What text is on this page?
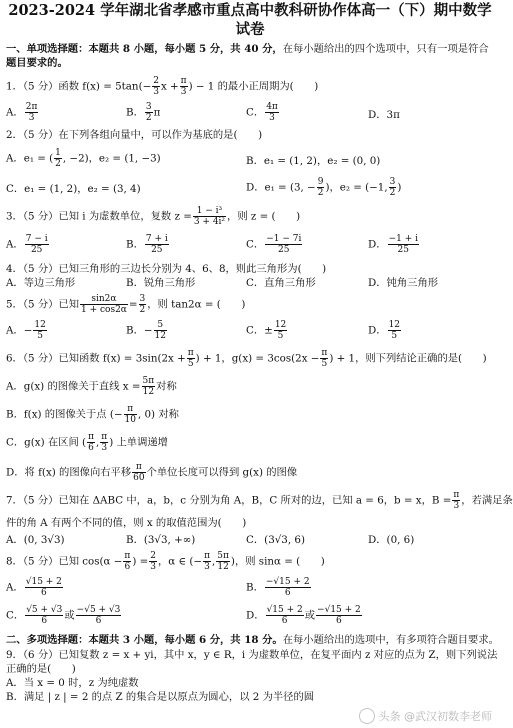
2023-2024 学年湖北省孝感市重点高中教科研协作体高一（下）期中数学
试卷
一、单项选择题：本题共 8 小题，每小题 5 分，共 40 分，在每小题给出的四个选项中，只有一项是符合
题目要求的。
1．（5 分）函数 $f(x) = 5\tan(- \frac{2}{3}$ $x + \frac{\pi}{3}$ ) − 1 的最小正周期为(　　)
A． $\frac{2\pi}{3}$	B． $\frac{3}{2}$ π	C． $\frac{4\pi}{3}$	D．3π
2．（5 分）在下列各组向量中，可以作为基底的是(　　)
A．e₁ = ( $\frac{1}{2}$ , −2)，e₂ = (1, −3)	B．e₁ = (1, 2)，e₂ = (0, 0)
C．e₁ = (1, 2)，e₂ = (3, 4)	D．e₁ = (3, − $\frac{9}{2}$ )，e₂ = (−1, $\frac{3}{2}$ )
3．（5 分）已知 i 为虚数单位，复数 $z = \frac{\text{1 − i³}}{\text{3 + 4i²}}$ ，则 z = (　　)
A． $\frac{7 - i}{25}$	B． $\frac{7 + i}{25}$	C． $\frac{-1 - 7i}{25}$	D． $\frac{-1 + i}{25}$
4．（5 分）已知三角形的三边长分别为 4、6、8，则此三角形为(　　)
A．等边三角形	B．锐角三角形	C．直角三角形	D．钝角三角形
5．（5 分）已知 $\frac{\sin 2\alpha}{1 + \cos 2\alpha} = \frac{3}{2}$ ，则 tan2α = (　　)
A．− $\frac{12}{5}$	B．− $\frac{5}{12}$	C．± $\frac{12}{5}$	D． $\frac{12}{5}$
6．（5 分）已知函数 $f(x) = 3\sin(2x + \frac{\pi}{5}$ ) + 1，$g(x) = 3\cos(2x - \frac{\pi}{5}$ ) + 1，则下列结论正确的是(　　)
A．g(x) 的图像关于直线 $x = \frac{5\pi}{12}$ 对称
B．f(x) 的图像关于点 (− $\frac{\pi}{10}$ , 0) 对称
C．g(x) 在区间 ( $\frac{\pi}{6}$ , $\frac{\pi}{3}$ ) 上单调递增
D．将 f(x) 的图像向右平移 $\frac{\pi}{60}$ 个单位长度可以得到 g(x) 的图像
7．（5 分）已知在 ΔABC 中，a，b，c 分别为角 A，B，C 所对的边，已知 a = 6，b = x，$B = \frac{\pi}{3}$ ，若满足条
件的角 A 有两个不同的值，则 x 的取值范围为(　　)
A．(0, 3√3)	B．(3√3, +∞)	C．(3√3, 6)	D．(0, 6)
8．（5 分）已知 $\cos(\alpha - \frac{\pi}{6}$ ) = $\frac{2}{3}$ ，α ∈ (− $\frac{\pi}{3}$ , $\frac{5\pi}{12}$ )，则 sinα = (　　)
A． $\frac{√15 + 2}{6}$	B． $\frac{-√15 + 2}{6}$
C． $\frac{√5 + √3}{6}$ 或 $\frac{-√5 + √3}{6}$	D． $\frac{√15 + 2}{6}$ 或 $\frac{-√15 + 2}{6}$
二、多项选择题：本题共 3 小题，每小题 6 分，共 18 分。在每小题给出的选项中，有多项符合题目要求。
9．（6 分）已知复数 z = x + yi，其中 x，y ∈ R，i 为虚数单位，在复平面内 z 对应的点为 Z，则下列说法
正确的是(　　)
A．当 x = 0 时，z 为纯虚数
B．满足 | z | = 2 的点 Z 的集合是以原点为圆心，以 2 为半径的圆
头条 @武汉初数李老师
